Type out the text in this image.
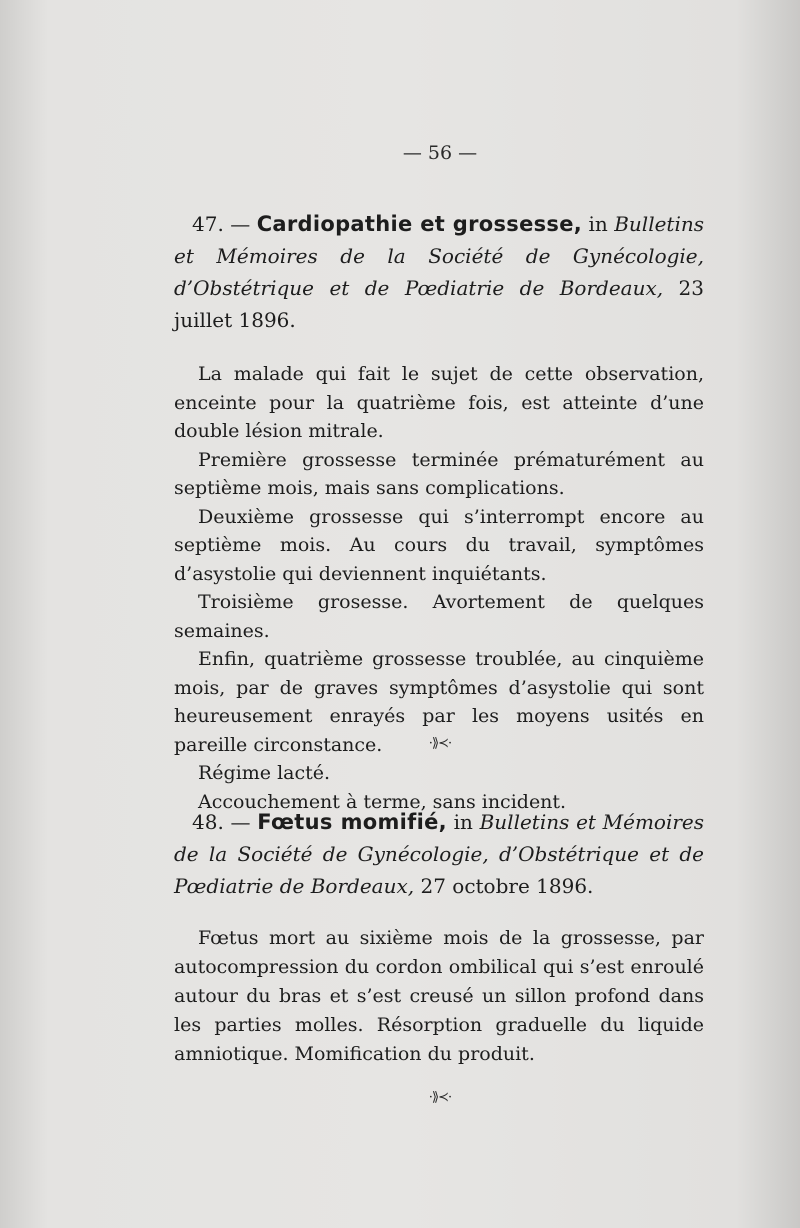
— 56 —

47. — Cardiopathie et grossesse, in Bulletins et Mémoires de la Société de Gynécologie, d’Obstétrique et de Pœdiatrie de Bordeaux, 23 juillet 1896.

La malade qui fait le sujet de cette observation, enceinte pour la quatrième fois, est atteinte d’une double lésion mitrale.

Première grossesse terminée prématurément au septième mois, mais sans complications.

Deuxième grossesse qui s’interrompt encore au septième mois. Au cours du travail, symptômes d’asystolie qui deviennent inquiétants.

Troisième grosesse. Avortement de quelques semaines.

Enfin, quatrième grossesse troublée, au cinquième mois, par de graves symptômes d’asystolie qui sont heureusement enrayés par les moyens usités en pareille circonstance.

Régime lacté.

Accouchement à terme, sans incident.

·⟫≺·

48. — Fœtus momifié, in Bulletins et Mémoires de la Société de Gynécologie, d’Obstétrique et de Pœdiatrie de Bordeaux, 27 octobre 1896.

Fœtus mort au sixième mois de la grossesse, par autocompression du cordon ombilical qui s’est enroulé autour du bras et s’est creusé un sillon profond dans les parties molles. Résorption graduelle du liquide amniotique. Momification du produit.

·⟫≺·
